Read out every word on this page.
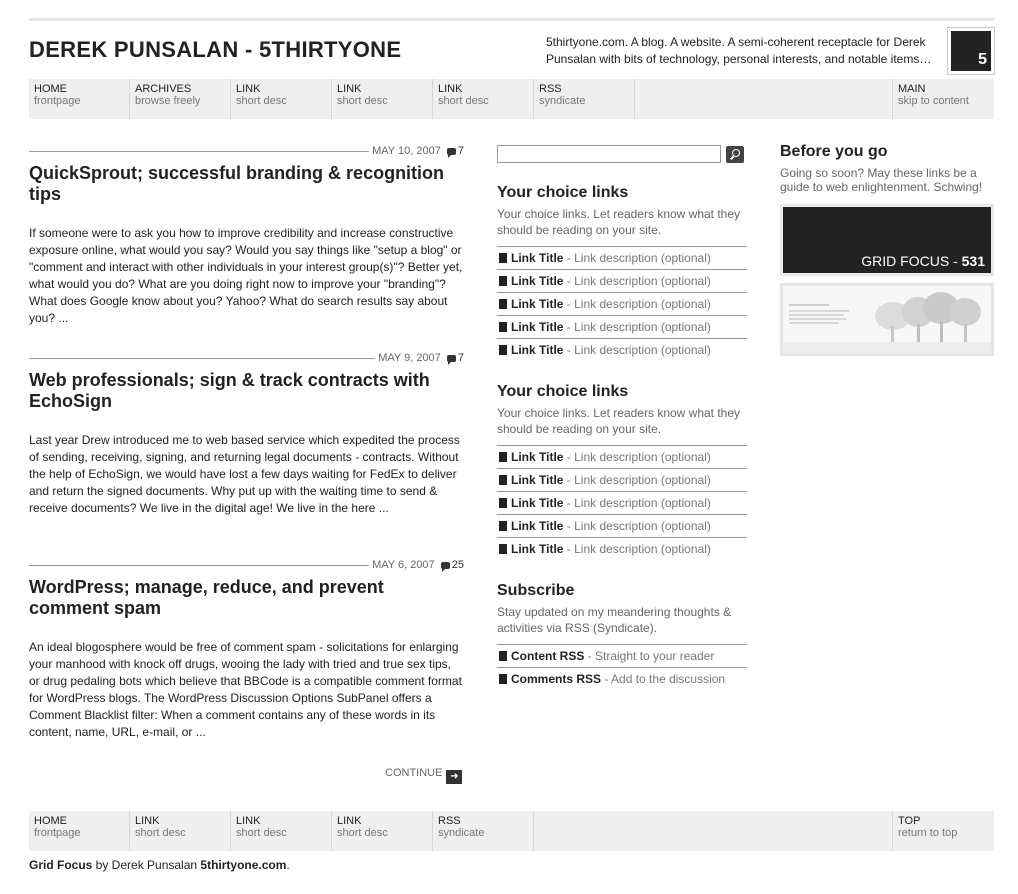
DEREK PUNSALAN - 5THIRTYONE	5thirtyone.com. A blog. A website. A semi-coherent receptacle for Derek Punsalan with bits of technology, personal interests, and notable items…	5
HOME
frontpage
ARCHIVES
browse freely
LINK
short desc
LINK
short desc
LINK
short desc
RSS
syndicate
MAIN
skip to content
MAY 10, 2007 7
QuickSprout; successful branding & recognition tips

If someone were to ask you how to improve credibility and increase constructive exposure online, what would you say? Would you say things like "setup a blog" or "comment and interact with other individuals in your interest group(s)"? Better yet, what would you do? What are you doing right now to improve your "branding"? What does Google know about you? Yahoo? What do search results say about you? ...

MAY 9, 2007 7
Web professionals; sign & track contracts with EchoSign

Last year Drew introduced me to web based service which expedited the process of sending, receiving, signing, and returning legal documents - contracts. Without the help of EchoSign, we would have lost a few days waiting for FedEx to deliver and return the signed documents. Why put up with the waiting time to send & receive documents? We live in the digital age! We live in the here ...

MAY 6, 2007 25
WordPress; manage, reduce, and prevent comment spam

An ideal blogosphere would be free of comment spam - solicitations for enlarging your manhood with knock off drugs, wooing the lady with tried and true sex tips, or drug pedaling bots which believe that BBCode is a compatible comment format for WordPress blogs. The WordPress Discussion Options SubPanel offers a Comment Blacklist filter: When a comment contains any of these words in its content, name, URL, e-mail, or ...

CONTINUE ➜
Your choice links
Your choice links. Let readers know what they should be reading on your site.
Link Title - Link description (optional)
Link Title - Link description (optional)
Link Title - Link description (optional)
Link Title - Link description (optional)
Link Title - Link description (optional)
Your choice links
Your choice links. Let readers know what they should be reading on your site.
Link Title - Link description (optional)
Link Title - Link description (optional)
Link Title - Link description (optional)
Link Title - Link description (optional)
Link Title - Link description (optional)
Subscribe
Stay updated on my meandering thoughts & activities via RSS (Syndicate).
Content RSS - Straight to your reader
Comments RSS - Add to the discussion
Before you go
Going so soon? May these links be a guide to web enlightenment. Schwing!
GRID FOCUS - 531
HOME
frontpage
LINK
short desc
LINK
short desc
LINK
short desc
RSS
syndicate
TOP
return to top
Grid Focus by Derek Punsalan 5thirtyone.com.
